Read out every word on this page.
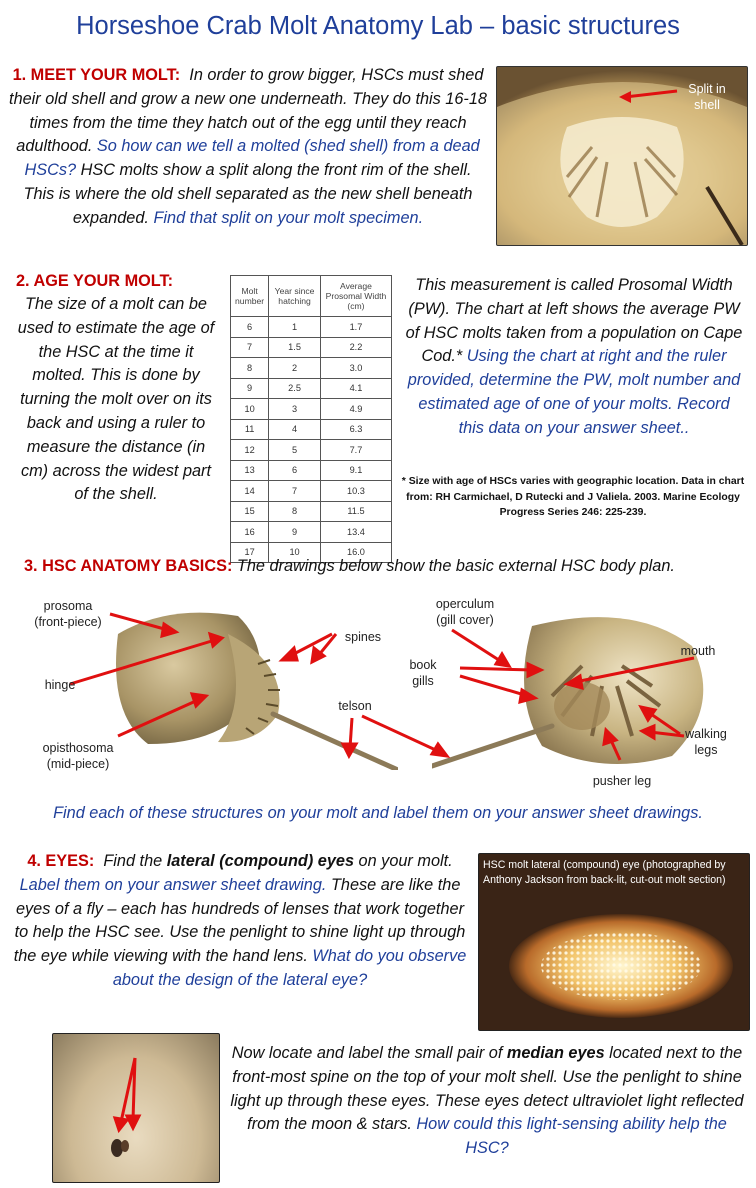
Horseshoe Crab Molt Anatomy Lab – basic structures
1. MEET YOUR MOLT: In order to grow bigger, HSCs must shed their old shell and grow a new one underneath. They do this 16-18 times from the time they hatch out of the egg until they reach adulthood. So how can we tell a molted (shed shell) from a dead HSCs? HSC molts show a split along the front rim of the shell. This is where the old shell separated as the new shell beneath expanded. Find that split on your molt specimen.
Split in shell
2. AGE YOUR MOLT:
The size of a molt can be used to estimate the age of the HSC at the time it molted. This is done by turning the molt over on its back and using a ruler to measure the distance (in cm) across the widest part of the shell.
Molt number	Year since hatching	Average Prosomal Width (cm)
6	1	1.7
7	1.5	2.2
8	2	3.0
9	2.5	4.1
10	3	4.9
11	4	6.3
12	5	7.7
13	6	9.1
14	7	10.3
15	8	11.5
16	9	13.4
17	10	16.0
This measurement is called Prosomal Width (PW). The chart at left shows the average PW of HSC molts taken from a population on Cape Cod.* Using the chart at right and the ruler provided, determine the PW, molt number and estimated age of one of your molts. Record this data on your answer sheet..
* Size with age of HSCs varies with geographic location. Data in chart from: RH Carmichael, D Rutecki and J Valiela. 2003. Marine Ecology Progress Series 246: 225-239.
3. HSC ANATOMY BASICS: The drawings below show the basic external HSC body plan.
prosoma
(front-piece)
hinge
opisthosoma
(mid-piece)
spines
telson
operculum
(gill cover)
book
gills
mouth
walking
legs
pusher leg
Find each of these structures on your molt and label them on your answer sheet drawings.
4. EYES: Find the lateral (compound) eyes on your molt. Label them on your answer sheet drawing. These are like the eyes of a fly – each has hundreds of lenses that work together to help the HSC see. Use the penlight to shine light up through the eye while viewing with the hand lens. What do you observe about the design of the lateral eye?
HSC molt lateral (compound) eye (photographed by Anthony Jackson from back-lit, cut-out molt section)
Now locate and label the small pair of median eyes located next to the front-most spine on the top of your molt shell. Use the penlight to shine light up through these eyes. These eyes detect ultraviolet light reflected from the moon & stars. How could this light-sensing ability help the HSC?
